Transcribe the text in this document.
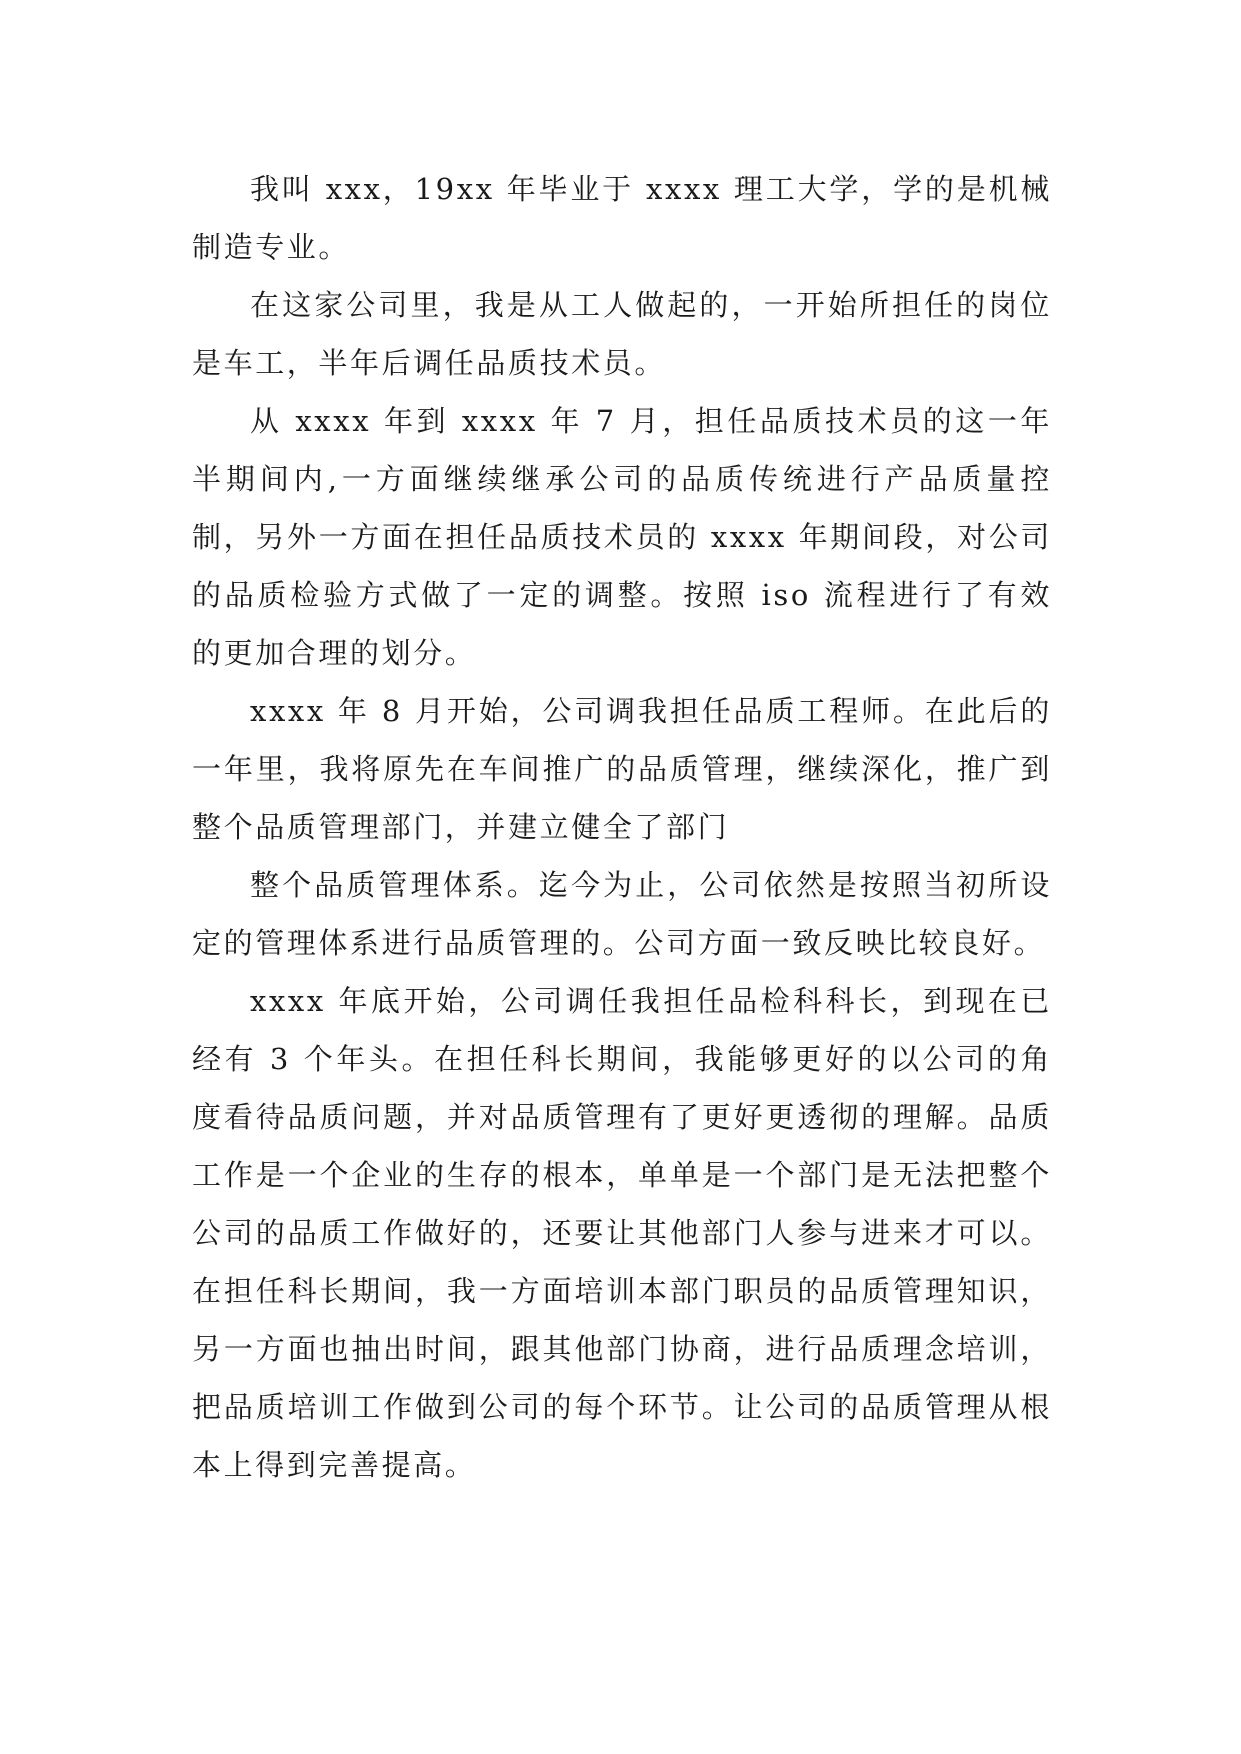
我叫 xxx，19xx 年毕业于 xxxx 理工大学，学的是机械制造专业。

在这家公司里，我是从工人做起的，一开始所担任的岗位是车工，半年后调任品质技术员。

从 xxxx 年到 xxxx 年 7 月，担任品质技术员的这一年半期间内,一方面继续继承公司的品质传统进行产品质量控制，另外一方面在担任品质技术员的 xxxx 年期间段，对公司的品质检验方式做了一定的调整。按照 iso 流程进行了有效的更加合理的划分。

xxxx 年 8 月开始，公司调我担任品质工程师。在此后的一年里，我将原先在车间推广的品质管理，继续深化，推广到整个品质管理部门，并建立健全了部门

整个品质管理体系。迄今为止，公司依然是按照当初所设定的管理体系进行品质管理的。公司方面一致反映比较良好。

xxxx 年底开始，公司调任我担任品检科科长，到现在已经有 3 个年头。在担任科长期间，我能够更好的以公司的角度看待品质问题，并对品质管理有了更好更透彻的理解。品质工作是一个企业的生存的根本，单单是一个部门是无法把整个公司的品质工作做好的，还要让其他部门人参与进来才可以。在担任科长期间，我一方面培训本部门职员的品质管理知识，另一方面也抽出时间，跟其他部门协商，进行品质理念培训，把品质培训工作做到公司的每个环节。让公司的品质管理从根本上得到完善提高。
